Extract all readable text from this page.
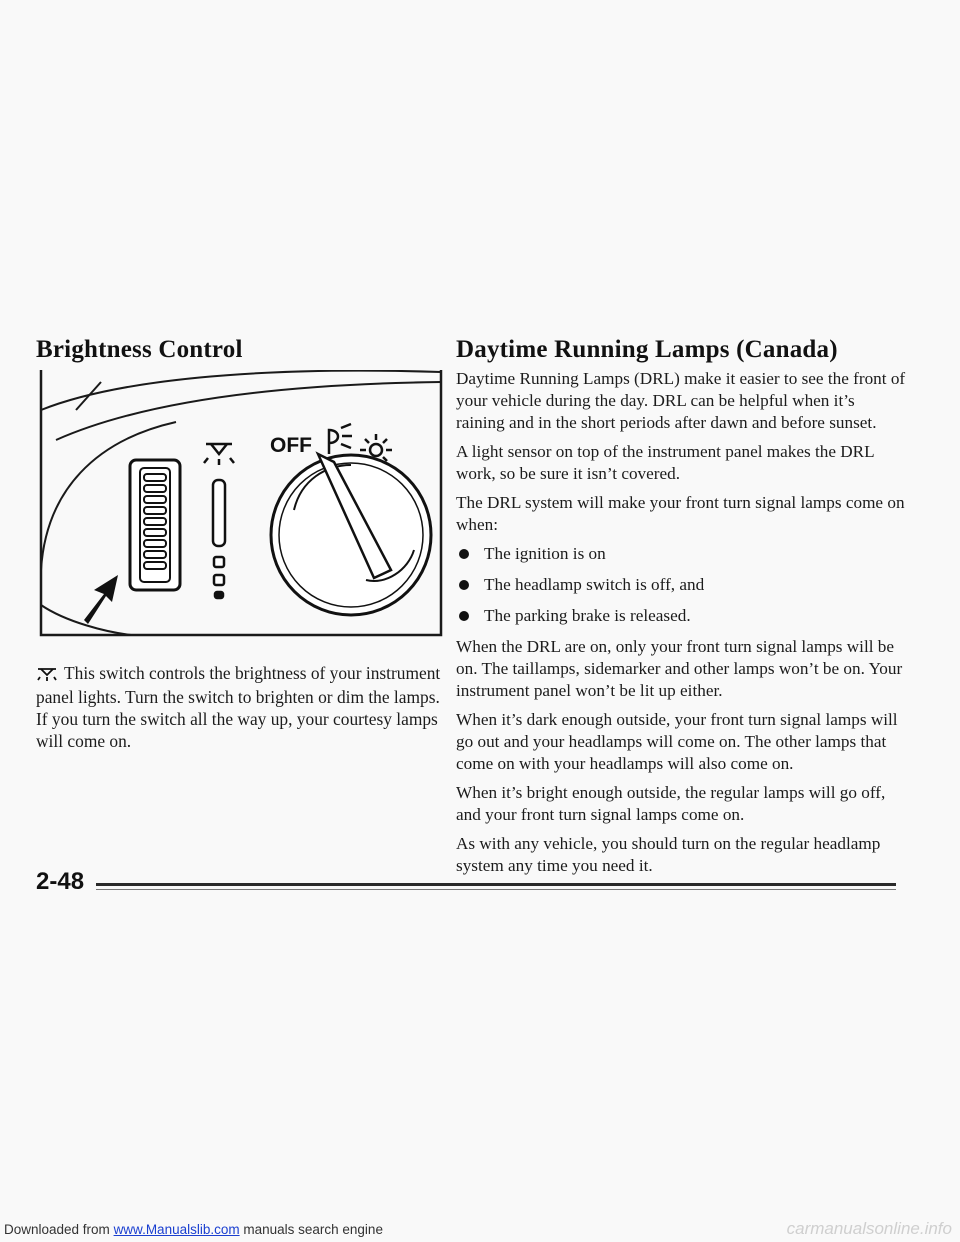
Brightness Control
OFF

This switch controls the brightness of your instrument panel lights. Turn the switch to brighten or dim the lamps. If you turn the switch all the way up, your courtesy lamps will come on.

Daytime Running Lamps (Canada)

Daytime Running Lamps (DRL) make it easier to see the front of your vehicle during the day. DRL can be helpful when it’s raining and in the short periods after dawn and before sunset.

A light sensor on top of the instrument panel makes the DRL work, so be sure it isn’t covered.

The DRL system will make your front turn signal lamps come on when:

The ignition is on
The headlamp switch is off, and
The parking brake is released.

When the DRL are on, only your front turn signal lamps will be on. The taillamps, sidemarker and other lamps won’t be on. Your instrument panel won’t be lit up either.

When it’s dark enough outside, your front turn signal lamps will go out and your headlamps will come on. The other lamps that come on with your headlamps will also come on.

When it’s bright enough outside, the regular lamps will go off, and your front turn signal lamps come on.

As with any vehicle, you should turn on the regular headlamp system any time you need it.

2-48
Downloaded from www.Manualslib.com manuals search engine	carmanualsonline.info
